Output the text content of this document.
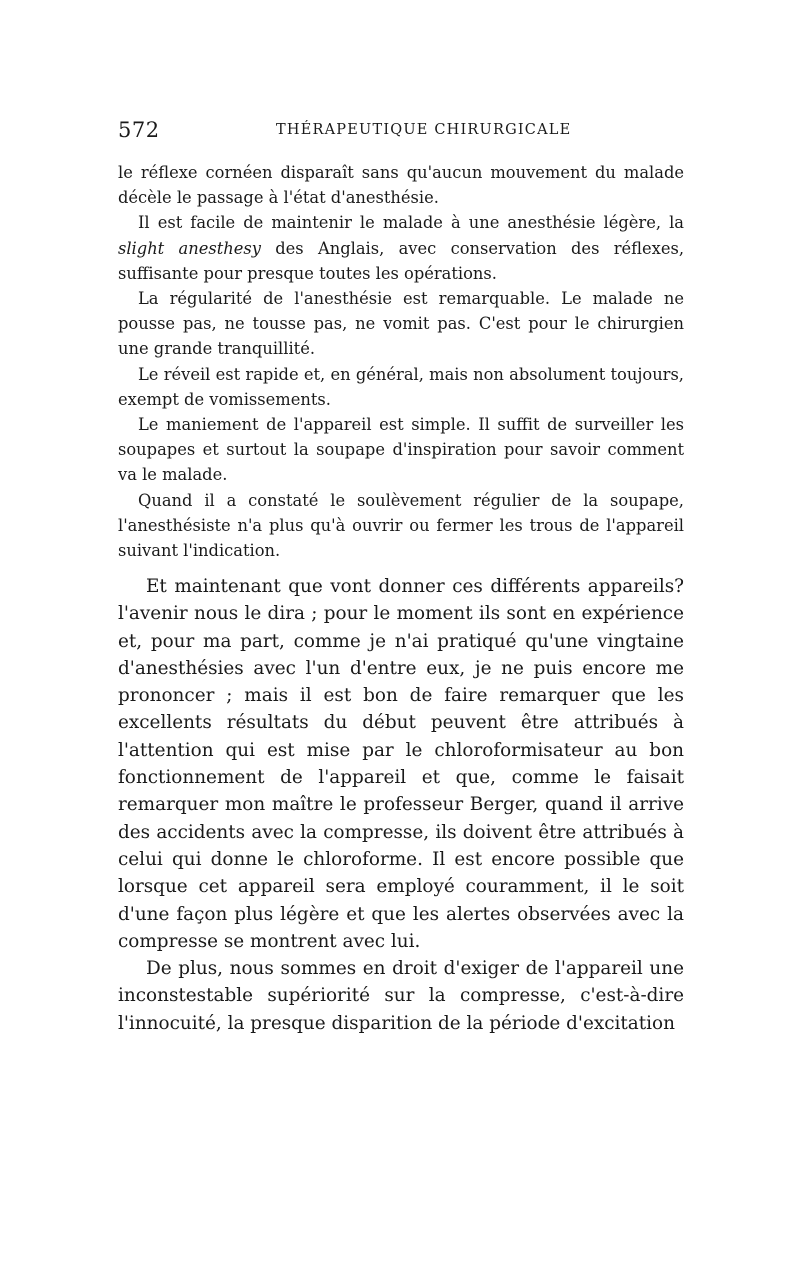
572	THÉRAPEUTIQUE CHIRURGICALE

le réflexe cornéen disparaît sans qu'aucun mouvement du malade décèle le passage à l'état d'anesthésie.

Il est facile de maintenir le malade à une anesthésie légère, la slight anesthesy des Anglais, avec conservation des réflexes, suffisante pour presque toutes les opérations.

La régularité de l'anesthésie est remarquable. Le malade ne pousse pas, ne tousse pas, ne vomit pas. C'est pour le chirurgien une grande tranquillité.

Le réveil est rapide et, en général, mais non absolument toujours, exempt de vomissements.

Le maniement de l'appareil est simple. Il suffit de surveiller les soupapes et surtout la soupape d'inspiration pour savoir comment va le malade.

Quand il a constaté le soulèvement régulier de la soupape, l'anesthésiste n'a plus qu'à ouvrir ou fermer les trous de l'appareil suivant l'indication.

Et maintenant que vont donner ces différents appareils? l'avenir nous le dira ; pour le moment ils sont en expérience et, pour ma part, comme je n'ai pratiqué qu'une vingtaine d'anesthésies avec l'un d'entre eux, je ne puis encore me prononcer ; mais il est bon de faire remarquer que les excellents résultats du début peuvent être attribués à l'attention qui est mise par le chloroformisateur au bon fonctionnement de l'appareil et que, comme le faisait remarquer mon maître le professeur Berger, quand il arrive des accidents avec la compresse, ils doivent être attribués à celui qui donne le chloroforme. Il est encore possible que lorsque cet appareil sera employé couramment, il le soit d'une façon plus légère et que les alertes observées avec la compresse se montrent avec lui.

De plus, nous sommes en droit d'exiger de l'appareil une inconstestable supériorité sur la compresse, c'est-à-dire l'innocuité, la presque disparition de la période d'excitation
